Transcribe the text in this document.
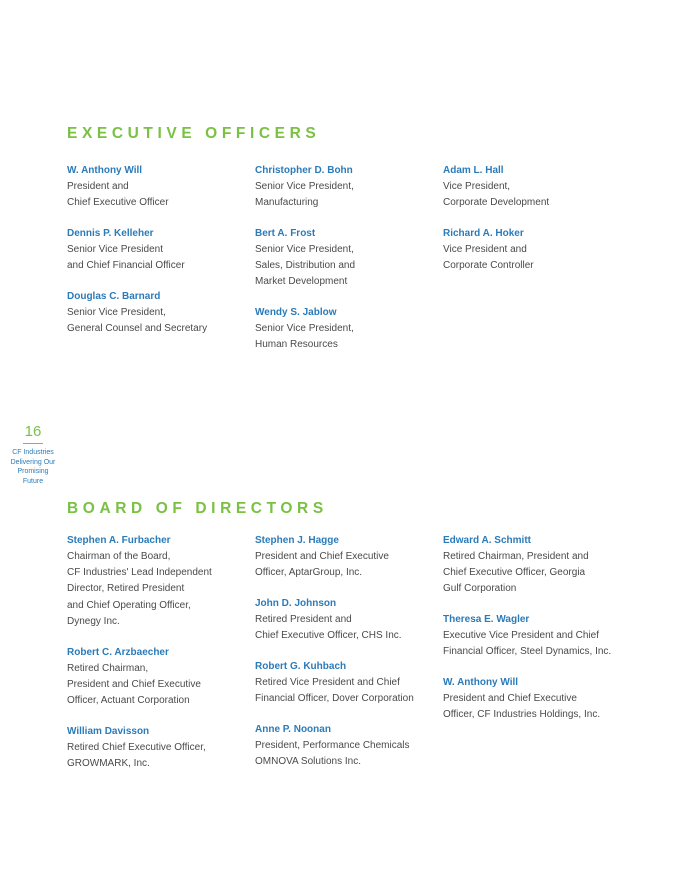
EXECUTIVE OFFICERS
W. Anthony Will
President and
Chief Executive Officer
Dennis P. Kelleher
Senior Vice President
and Chief Financial Officer
Douglas C. Barnard
Senior Vice President,
General Counsel and Secretary
Christopher D. Bohn
Senior Vice President,
Manufacturing
Bert A. Frost
Senior Vice President,
Sales, Distribution and
Market Development
Wendy S. Jablow
Senior Vice President,
Human Resources
Adam L. Hall
Vice President,
Corporate Development
Richard A. Hoker
Vice President and
Corporate Controller
16
CF Industries
Delivering Our
Promising
Future
BOARD OF DIRECTORS
Stephen A. Furbacher
Chairman of the Board,
CF Industries' Lead Independent
Director, Retired President
and Chief Operating Officer,
Dynegy Inc.
Robert C. Arzbaecher
Retired Chairman,
President and Chief Executive
Officer, Actuant Corporation
William Davisson
Retired Chief Executive Officer,
GROWMARK, Inc.
Stephen J. Hagge
President and Chief Executive
Officer, AptarGroup, Inc.
John D. Johnson
Retired President and
Chief Executive Officer, CHS Inc.
Robert G. Kuhbach
Retired Vice President and Chief
Financial Officer, Dover Corporation
Anne P. Noonan
President, Performance Chemicals
OMNOVA Solutions Inc.
Edward A. Schmitt
Retired Chairman, President and
Chief Executive Officer, Georgia
Gulf Corporation
Theresa E. Wagler
Executive Vice President and Chief
Financial Officer, Steel Dynamics, Inc.
W. Anthony Will
President and Chief Executive
Officer, CF Industries Holdings, Inc.
